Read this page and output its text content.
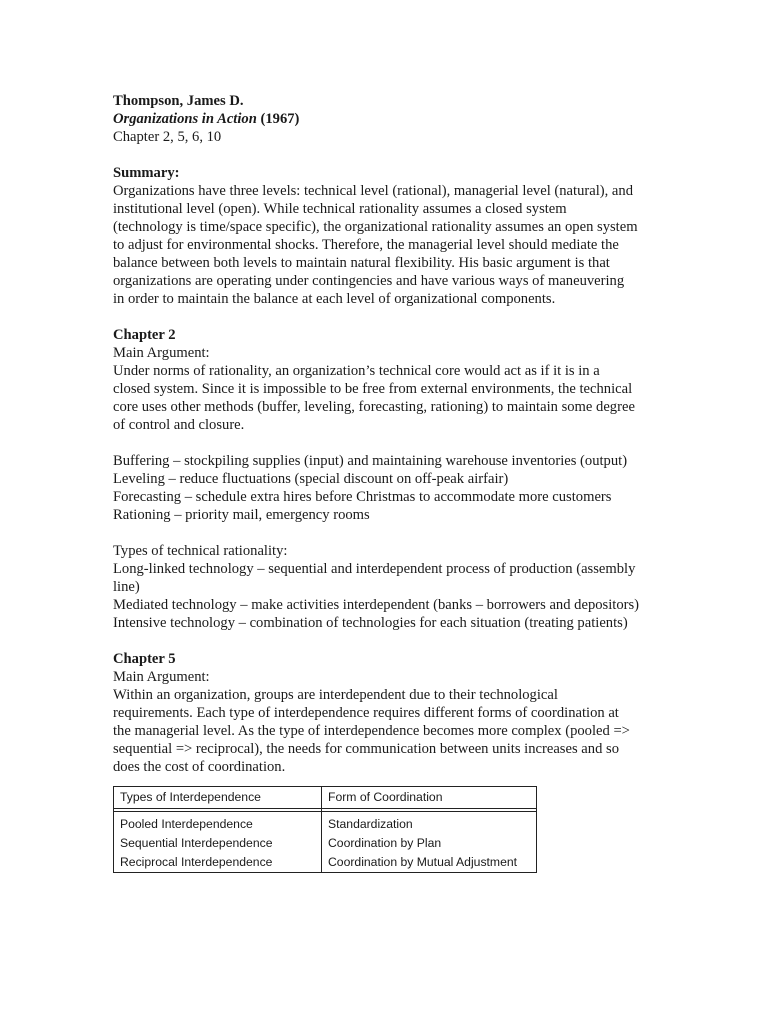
Thompson, James D.
Organizations in Action (1967)
Chapter 2, 5, 6, 10
Summary:
Organizations have three levels: technical level (rational), managerial level (natural), and
institutional level (open). While technical rationality assumes a closed system
(technology is time/space specific), the organizational rationality assumes an open system
to adjust for environmental shocks. Therefore, the managerial level should mediate the
balance between both levels to maintain natural flexibility. His basic argument is that
organizations are operating under contingencies and have various ways of maneuvering
in order to maintain the balance at each level of organizational components.
Chapter 2
Main Argument:
Under norms of rationality, an organization’s technical core would act as if it is in a
closed system. Since it is impossible to be free from external environments, the technical
core uses other methods (buffer, leveling, forecasting, rationing) to maintain some degree
of control and closure.
Buffering – stockpiling supplies (input) and maintaining warehouse inventories (output)
Leveling – reduce fluctuations (special discount on off-peak airfair)
Forecasting – schedule extra hires before Christmas to accommodate more customers
Rationing – priority mail, emergency rooms
Types of technical rationality:
Long-linked technology – sequential and interdependent process of production (assembly line)
Mediated technology – make activities interdependent (banks – borrowers and depositors)
Intensive technology – combination of technologies for each situation (treating patients)
Chapter 5
Main Argument:
Within an organization, groups are interdependent due to their technological
requirements. Each type of interdependence requires different forms of coordination at
the managerial level. As the type of interdependence becomes more complex (pooled =>
sequential => reciprocal), the needs for communication between units increases and so
does the cost of coordination.
Types of Interdependence	Form of Coordination

Pooled Interdependence	Standardization
Sequential Interdependence	Coordination by Plan
Reciprocal Interdependence	Coordination by Mutual Adjustment
